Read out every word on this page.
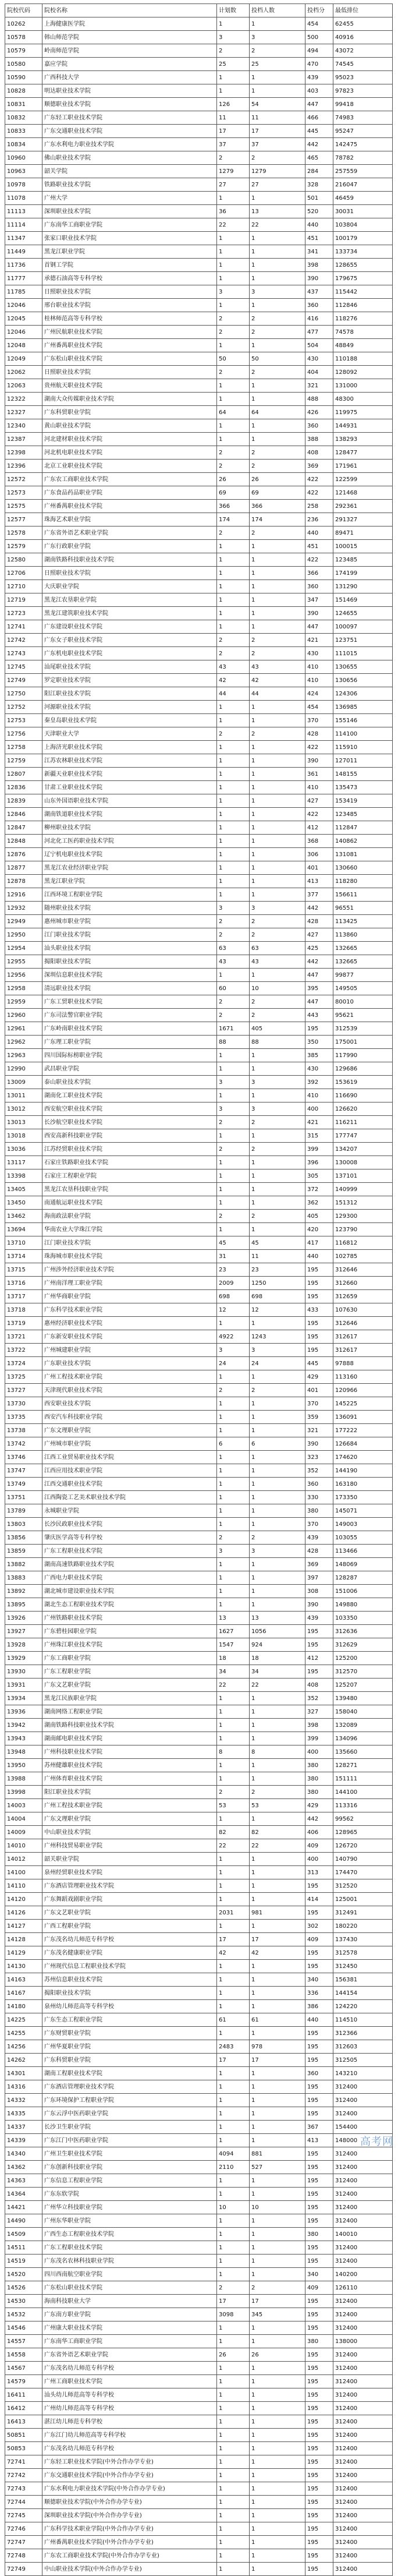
院校代码	院校名称	计划数	投档人数	投档分	最低排位
10262	上海健康医学院	1	1	454	62455
10578	韩山师范学院	3	3	500	40916
10579	岭南师范学院	2	2	494	43072
10580	嘉应学院	25	25	470	74545
10590	广西科技大学	1	1	439	95023
10828	明达职业技术学院	1	1	403	97823
10831	顺德职业技术学院	126	54	447	99418
10832	广东轻工职业技术学院	11	11	466	74983
10833	广东交通职业技术学院	17	17	445	95247
10834	广东水利电力职业技术学院	37	37	442	142475
10960	佛山职业技术学院	2	2	465	78782
10963	韶关学院	1279	1279	284	257559
10978	铁路职业技术学院	27	27	328	216047
11078	广州大学	1	1	501	46459
11113	深圳职业技术学院	36	13	520	30031
11114	广东南华工商职业学院	22	22	440	103804
11347	张家口职业技术学院	1	1	451	100179
11449	黑龙江职业学院	1	1	341	133734
11736	首钢工学院	1	1	398	128655
11777	承德石油高等专科学校	1	1	390	179675
11785	日照职业技术学院	3	3	437	115442
12046	邢台职业技术学院	1	1	360	112846
12045	桂林师范高等专科学校	2	2	416	118276
12046	广州民航职业技术学院	2	2	477	74578
12048	广州番禺职业技术学院	1	1	504	48849
12049	广东松山职业技术学院	50	50	430	110188
12062	日照职业技术学院	2	2	404	128092
12063	贵州航天职业技术学院	1	1	321	131000
12322	湖南大众传媒职业技术学院	1	1	488	48300
12327	广东科贸职业学院	64	64	426	119975
12340	黄山职业技术学院	1	1	360	144931
12387	河北建材职业技术学院	1	1	388	138293
12398	河北机电职业技术学院	2	2	408	128477
12396	北京工业职业技术学院	2	2	369	171961
12572	广东农工商职业技术学院	26	26	422	122599
12573	广东食品药品职业学院	69	69	422	121468
12575	广州番禺职业技术学院	366	366	258	292361
12577	珠海艺术职业学院	174	174	236	291327
12578	广东省外语艺术职业学院	2	2	440	89471
12579	广东行政职业学院	1	1	451	100015
12580	湖南铁路科技职业技术学院	1	1	422	123485
12706	日照职业技术学院	1	1	366	174199
12710	大庆职业学院	1	1	360	131290
12719	黑龙江农垦职业学院	1	1	347	151469
12723	黑龙江建筑职业技术学院	1	1	390	124655
12741	广东建设职业技术学院	1	1	447	100097
12742	广东女子职业技术学院	2	2	421	123751
12743	广东机电职业技术学院	2	2	430	111015
12745	汕尾职业技术学院	43	43	410	130655
12749	罗定职业技术学院	42	42	410	130656
12750	阳江职业技术学院	44	44	424	124306
12752	河源职业技术学院	1	1	454	136985
12753	秦皇岛职业技术学院	1	1	370	155146
12756	天津职业大学	2	2	428	114100
12758	上海济光职业技术学院	1	1	422	115910
12759	江苏农林职业技术学院	1	1	390	127011
12807	新疆天业职业技术学院	1	1	361	148155
12836	甘肃工业职业技术学院	1	1	410	135473
12839	山东外国语职业技术学院	1	1	427	153419
12846	湖南铁道职业技术学院	1	1	422	123485
12847	柳州职业技术学院	1	1	412	112847
12848	河北化工医药职业技术学院	1	1	368	140862
12876	辽宁机电职业技术学院	1	1	306	131081
12877	黑龙江农业经济职业学院	1	1	401	130660
12878	黑龙江职业学院	1	1	413	118280
12916	江西环境工程职业学院	1	1	377	156611
12932	随州职业技术学院	3	3	442	96551
12949	惠州城市职业学院	2	2	428	113425
12950	江门职业技术学院	2	2	427	113860
12954	汕头职业技术学院	63	63	425	132665
12955	揭阳职业技术学院	43	43	442	132665
12956	深圳信息职业技术学院	1	1	447	99877
12958	清远职业技术学院	60	10	395	149505
12959	广东工贸职业技术学院	2	2	447	80010
12960	广东司法警官职业学院	2	2	443	95621
12961	广东岭南职业技术学院	1671	405	195	312539
12962	广东理工职业学院	88	88	350	175001
12963	四川国际标榜职业学院	1	1	385	117990
12990	武昌职业学院	1	1	430	129686
13009	泰山职业技术学院	3	3	392	153619
13011	湖南化工职业技术学院	1	1	410	116690
13012	西安航空职业技术学院	3	3	400	126620
13013	长沙航空职业技术学院	2	2	421	116211
13018	西安高新科技职业学院	1	1	315	177747
13036	江苏经贸职业技术学院	2	2	399	134207
13117	石家庄铁路职业技术学院	1	1	396	130008
13398	石家庄工程职业学院	1	1	305	137101
13405	黑龙江农垦科技职业学院	1	1	372	140999
13450	南通航运职业技术学院	1	1	362	151312
13462	海南政法职业学院	2	2	405	129300
13694	华南农业大学珠江学院	1	1	420	123790
13710	江门职业技术学院	45	45	417	116812
13714	珠海城市职业技术学院	31	11	440	102785
13715	广州涉外经济职业技术学院	23	23	195	312646
13716	广州南洋理工职业学院	2009	1250	195	312660
13717	广州华商职业学院	698	698	195	312659
13718	广东科学技术职业学院	12	12	433	107630
13719	惠州经济职业技术学院	1	1	195	312646
13721	广东新安职业技术学院	4922	1243	195	312617
13722	广州城建职业学院	3	3	195	312617
13724	广东职业技术学院	24	24	445	97888
13725	广州工程技术职业学院	1	1	429	113160
13727	天津现代职业技术学院	2	2	401	120966
13730	西安职业技术学院	1	1	370	145225
13735	西安汽车科技职业学院	1	1	359	136091
13738	广东文理职业学院	1	1	321	177222
13742	广州城市职业学院	6	6	390	126684
13746	江西工业贸易职业技术学院	1	1	323	174620
13747	江西应用技术职业学院	1	1	352	144190
13749	江西交通职业技术学院	1	1	360	163180
13751	江西陶瓷工艺美术职业技术学院	1	1	330	173350
13789	永城职业学院	1	1	380	145071
13803	长沙民政职业技术学院	1	1	370	149003
13856	肇庆医学高等专科学校	2	2	439	103055
13859	广东工程职业技术学院	3	3	428	113466
13882	湖南高速铁路职业技术学院	1	1	369	148069
13883	广西电力职业技术学院	1	1	397	128287
13892	湖北城市建设职业技术学院	1	1	308	151006
13895	湖北生态工程职业技术学院	1	1	390	149880
13926	广州铁路职业技术学院	13	13	439	103350
13927	广东碧桂园职业学院	1627	1056	195	312636
13928	广州珠江职业技术学院	1547	924	195	312629
13929	广东工商职业学院	18	18	412	125200
13930	广东工程职业学院	34	34	195	312570
13931	广东文艺职业学院	22	22	408	125207
13934	黑龙江民族职业学院	1	1	352	139480
13936	湖南网络工程职业学院	1	1	327	158040
13942	湖南铁路科技职业技术学院	1	1	398	132089
13943	湖南邮电职业技术学院	1	1	399	134096
13948	广州科技职业技术学院	8	8	400	135660
13950	苏州健雄职业技术学院	1	1	380	128271
13988	广州体育职业技术学院	1	1	380	151111
13998	阳江职业技术学院	2	2	380	144100
14003	广州工程技术职业学院	53	53	429	113316
14004	广东文理职业学院	1	1	442	99562
14009	中山职业技术学院	82	82	406	128965
14010	广州科技贸易职业学院	22	22	409	126720
14012	韶关职业学院	1	1	400	140790
14100	泉州经贸职业技术学院	1	1	313	174470
14110	广东酒店管理职业技术学院	1	1	195	312520
14120	广东舞蹈戏剧职业学院	1	1	414	125001
14126	广东文艺职业学院	2031	981	195	312491
14127	广西工程职业学院	1	1	302	180220
14128	广东茂名幼儿师范专科学校	17	17	409	137430
14129	广东茂名健康职业学院	42	42	195	312578
14130	广州现代信息工程职业技术学院	1	1	195	312450
14163	苏州信息职业技术学院	1	1	340	156381
14167	揭阳职业技术学院	1	1	336	144154
14180	泉州幼儿师范高等专科学校	1	1	386	124220
14225	广东生态工程职业学院	61	61	440	114510
14255	广东财贸职业学院	1	1	195	312366
14256	广州华夏职业学院	2483	978	195	312603
14262	广东科贸职业学院	17	17	195	312505
14301	湖南工程职业技术学院	1	1	360	143210
14316	广东酒店管理职业技术学院	1	1	195	312400
14332	广东环境保护工程职业学院	1	1	195	312400
14335	广东云浮中医药职业学院	1	1	195	312400
14337	长沙卫生职业学院	1	1	367	154400
14339	广东江门中医药职业学院	1	1	413	148000
14340	广州卫生职业技术学院	4094	881	195	312400
14362	广东创新科技职业学院	2110	527	195	312400
14363	广东信息工程职业学院	1	1	195	312400
14364	广东东软学院	1	1	195	312400
14421	广州华立科技职业学院	10	10	195	312400
14490	广州东华职业学院	1	1	195	312400
14509	广西生态工程职业技术学院	1	1	380	140010
14511	广东工程职业技术学院	1	1	195	312400
14519	广东茂名农林科技职业学院	1	1	195	312400
14520	四川西南航空职业学院	1	1	340	140200
14526	广东松山职业技术学院	2	2	409	126110
14530	海南科技职业大学	17	17	195	312400
14532	广东南方职业学院	3098	345	195	312400
14546	广州康大职业技术学院	1	1	195	312400
14557	广东南华工商职业学院	1	1	380	138000
14558	广东省外语艺术职业学院	26	26	195	312400
14567	广东茂名幼儿师范专科学校	1	1	195	312400
14579	广州工商职业技术学院	1	1	195	312400
16411	汕头幼儿师范高等专科学校	1	1	195	312400
16412	广州幼儿师范高等专科学校	1	1	195	312400
16413	湛江幼儿师范专科学校	1	1	195	312400
50851	广东江门幼儿师范高等专科学校	1	1	195	312400
50853	广东茂名幼儿师范专科学校	1	1	195	312400
72741	广东轻工职业技术学院(中外合作办学专业)	1	1	195	312400
72742	广东交通职业技术学院(中外合作办学专业)	1	1	195	312400
72743	广东水利电力职业技术学院(中外合作办学专业)	1	1	195	312400
72744	顺德职业技术学院(中外合作办学专业)	1	1	195	312400
72745	深圳职业技术学院(中外合作办学专业)	1	1	195	312400
72746	广东科学技术职业学院(中外合作办学专业)	1	1	195	312400
72747	广州番禺职业技术学院(中外合作办学专业)	1	1	195	312400
72748	广东农工商职业技术学院(中外合作办学专业)	1	1	195	312400
72749	中山职业技术学院(中外合作办学专业)	1	1	195	312400
高考网
